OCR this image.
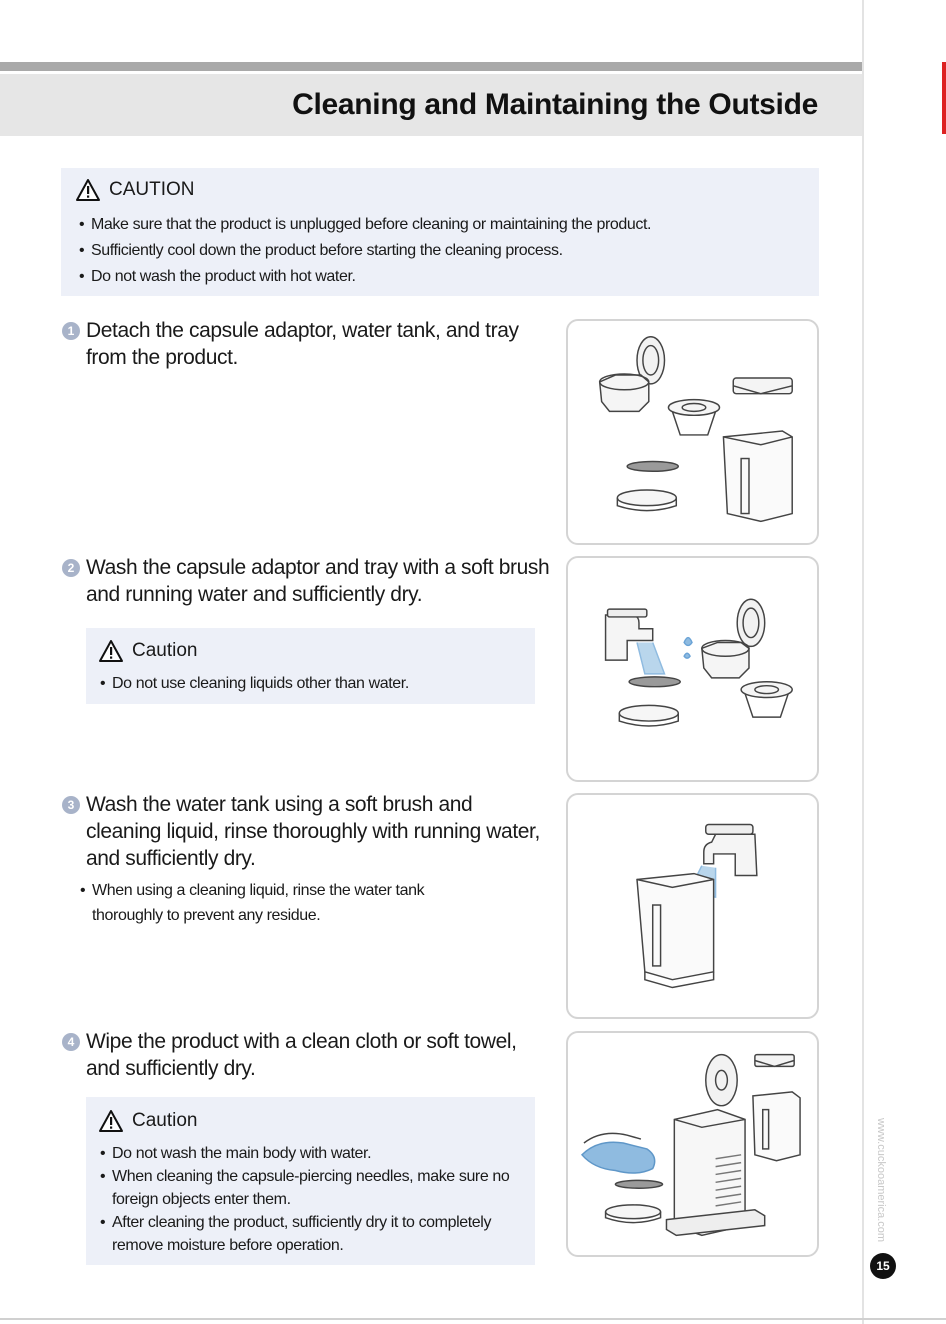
Cleaning and Maintaining the Outside
CAUTION
• Make sure that the product is unplugged before cleaning or maintaining the product.
• Sufficiently cool down the product before starting the cleaning process.
• Do not wash the product with hot water.
1 Detach the capsule adaptor, water tank, and tray from the product.
2 Wash the capsule adaptor and tray with a soft brush and running water and sufficiently dry.
Caution
• Do not use cleaning liquids other than water.
3 Wash the water tank using a soft brush and cleaning liquid, rinse thoroughly with running water, and sufficiently dry.
• When using a cleaning liquid, rinse the water tank thoroughly to prevent any residue.
4 Wipe the product with a clean cloth or soft towel, and sufficiently dry.
Caution
• Do not wash the main body with water.
• When cleaning the capsule-piercing needles, make sure no foreign objects enter them.
• After cleaning the product, sufficiently dry it to completely remove moisture before operation.
www.cuckooamerica.com
15
